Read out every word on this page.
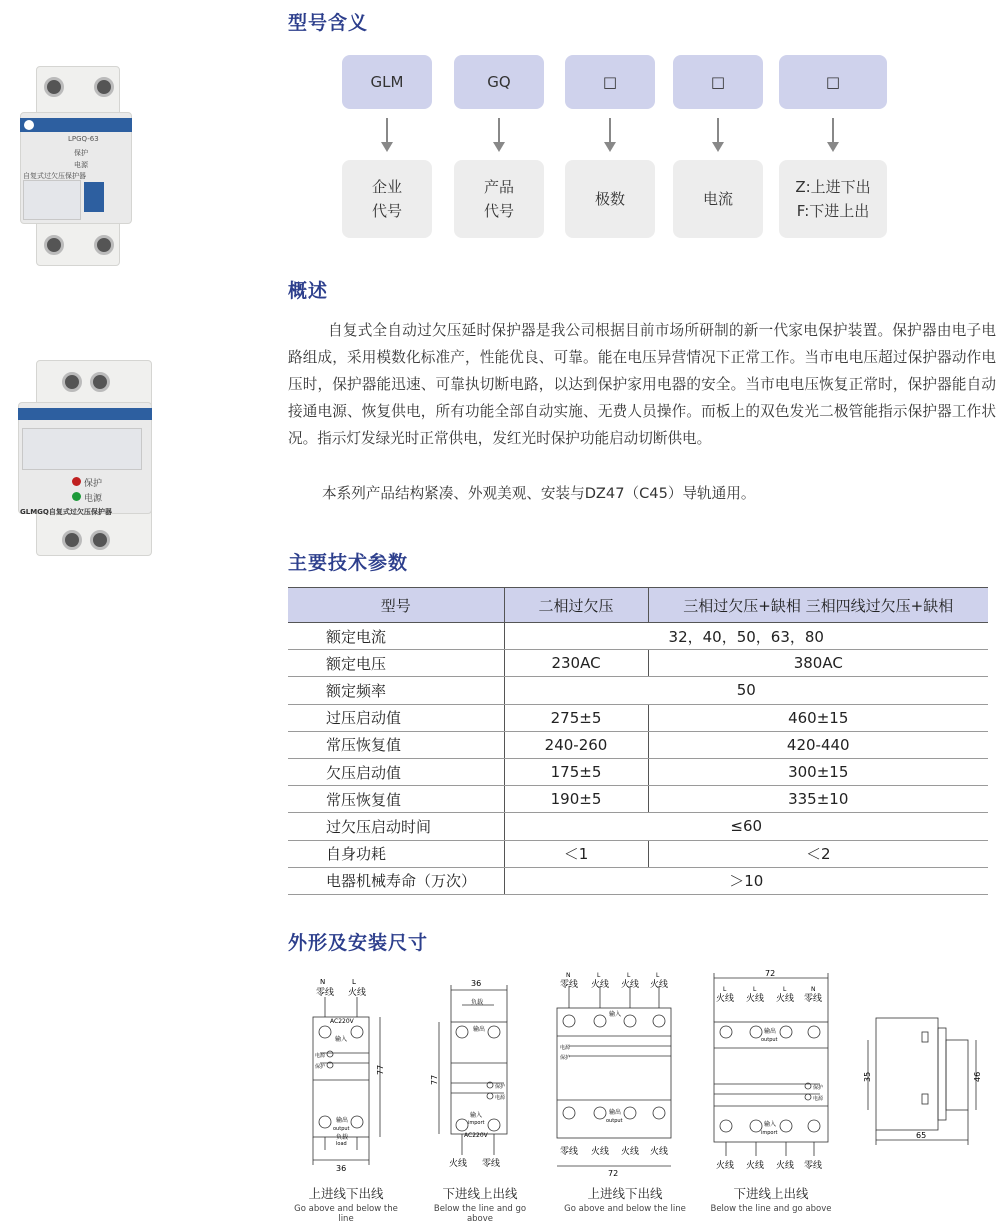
LPGQ-63
保护
电源
自复式过欠压保护器
保护
电源
GLMGQ自复式过欠压保护器
型号含义
GLM	GQ	□	□	□
企业
代号
产品
代号
极数	电流
Z:上进下出
F:下进上出
概述
自复式全自动过欠压延时保护器是我公司根据目前市场所研制的新一代家电保护装置。保护器由电子电路组成，采用模数化标准产，性能优良、可靠。能在电压异营情况下正常工作。当市电电压超过保护器动作电压时，保护器能迅速、可靠执切断电路，以达到保护家用电器的安全。当市电电压恢复正常时，保护器能自动接通电源、恢复供电，所有功能全部自动实施、无费人员操作。而板上的双色发光二极管能指示保护器工作状况。指示灯发绿光时正常供电，发红光时保护功能启动切断供电。
本系列产品结构紧凑、外观美观、安装与DZ47（C45）导轨通用。
主要技术参数
型号	二相过欠压	三相过欠压+缺相 三相四线过欠压+缺相
额定电流	32，40，50，63，80	
额定电压	230AC	380AC
额定频率	50	
过压启动值	275±5	460±15
常压恢复值	240-260	420-440
欠压启动值	175±5	300±15
常压恢复值	190±5	335±10
过欠压启动时间	≤60	
自身功耗	＜1	＜2
电器机械寿命（万次）	＞10	
外形及安装尺寸
N	L
零线 火线
AC220V
输入
电源
保护
输出
output
负载
load
77
36
上进线下出线
Go above and below the line
36
负载
输出
77
保护
电源
输入
import
AC220V
火线 零线
下进线上出线
Below the line and go above
N	L	L	L
零线 火线 火线 火线
输入
电源
保护
输出
output
零线 火线 火线 火线
72
上进线下出线
Go above and below the line
72
L	L	L	N
火线 火线 火线 零线
输出
output
保护
电源
输入
import
火线 火线 火线 零线
下进线上出线
Below the line and go above
35	46
65
